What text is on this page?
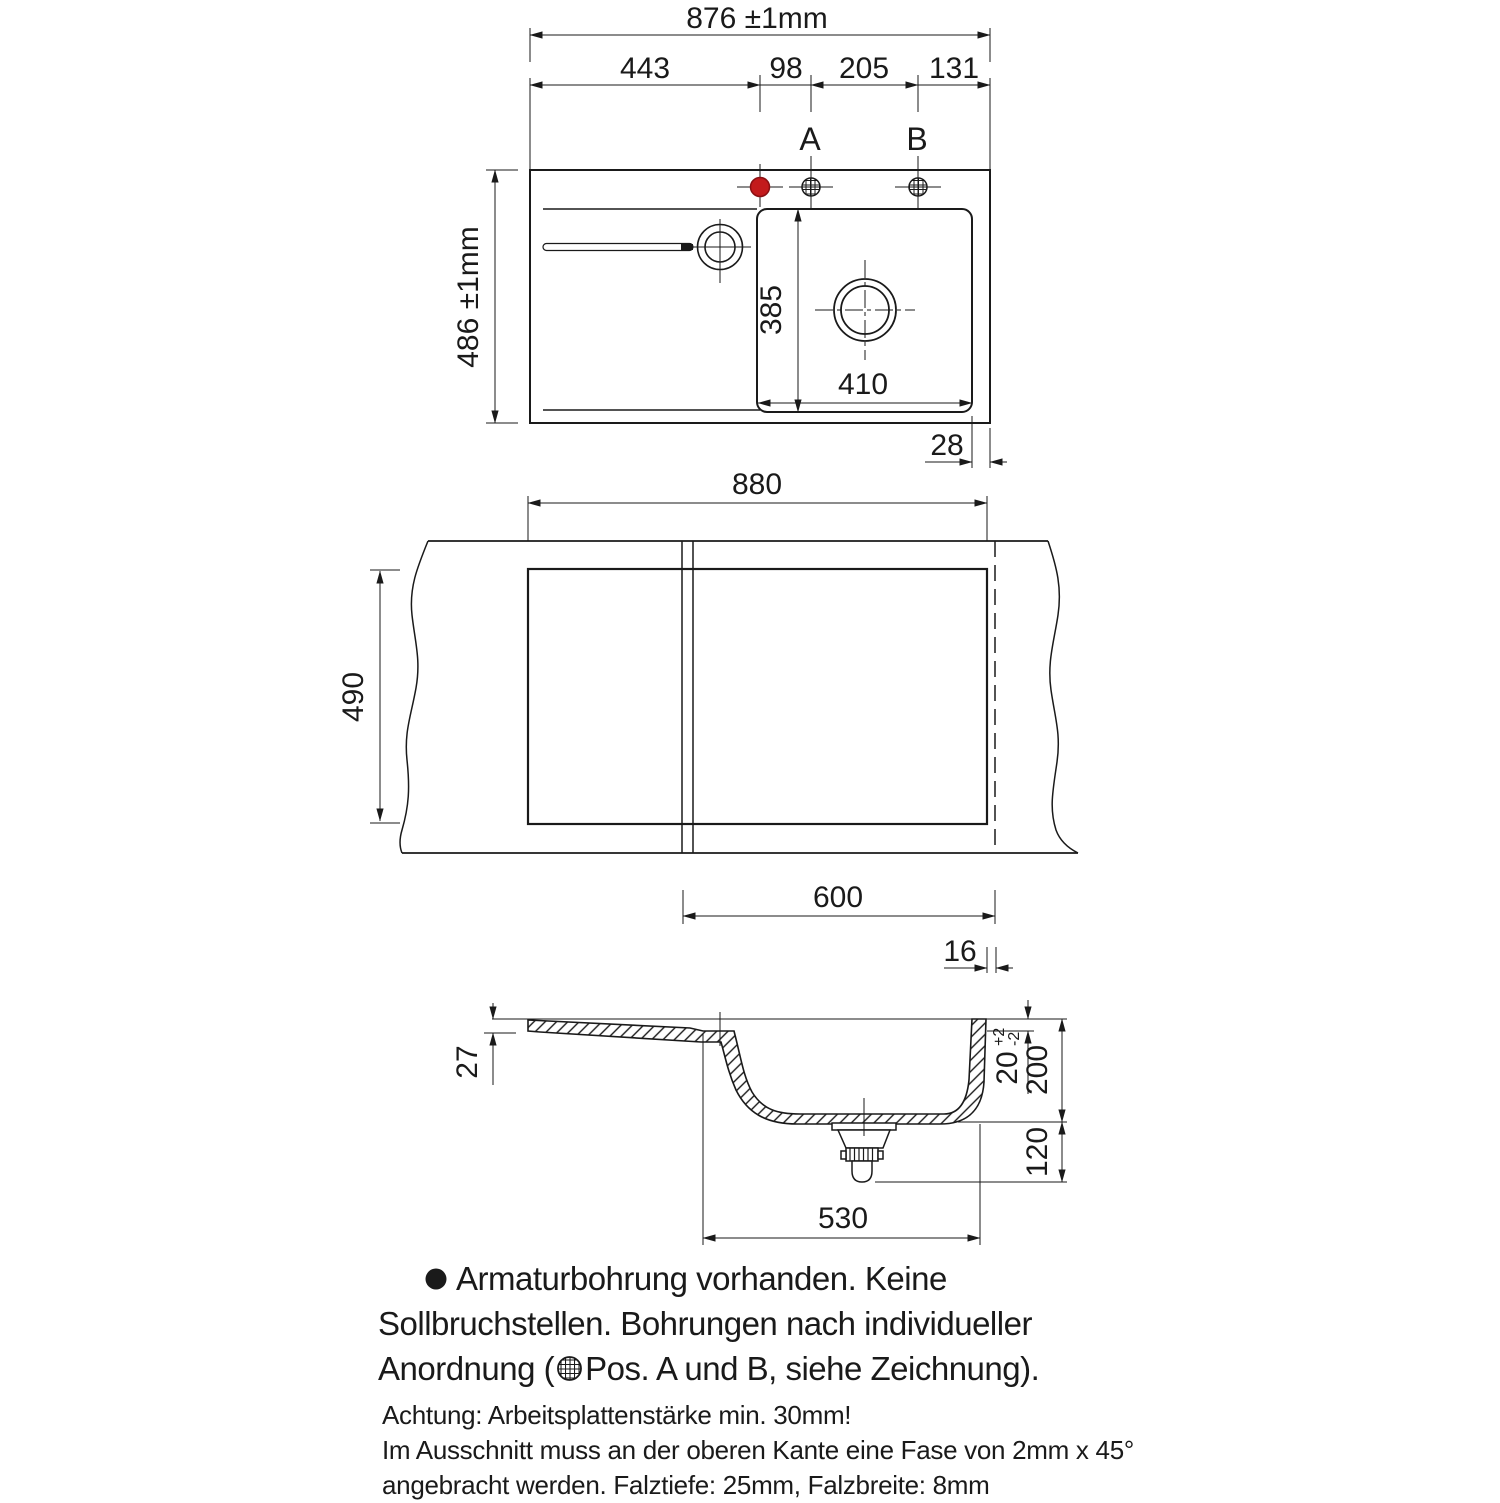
876 ±1mm
443	98 205 131
A	B
486 ±1mm	385
410
28
880
490
600
16
27	20
+2
-2
200
120
530
Armaturbohrung vorhanden. Keine
Sollbruchstellen. Bohrungen nach individueller
Anordnung ( Pos. A und B, siehe Zeichnung).
Achtung: Arbeitsplattenstärke min. 30mm!
Im Ausschnitt muss an der oberen Kante eine Fase von 2mm x 45°
angebracht werden. Falztiefe: 25mm, Falzbreite: 8mm
